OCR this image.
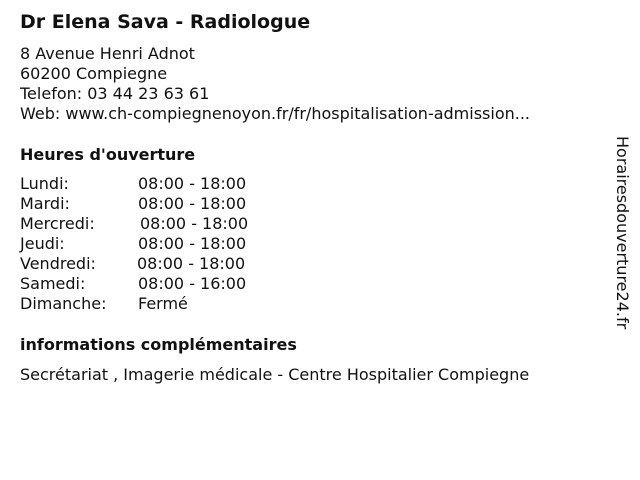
Dr Elena Sava - Radiologue
8 Avenue Henri Adnot
60200 Compiegne
Telefon: 03 44 23 63 61
Web: www.ch-compiegnenoyon.fr/fr/hospitalisation-admission...
Heures d'ouverture
Lundi:	08:00 - 18:00
Mardi:	08:00 - 18:00
Mercredi:	08:00 - 18:00
Jeudi:	08:00 - 18:00
Vendredi:	08:00 - 18:00
Samedi:	08:00 - 16:00
Dimanche: Fermé
informations complémentaires
Secrétariat , Imagerie médicale - Centre Hospitalier Compiegne
Horairesdouverture24.fr
